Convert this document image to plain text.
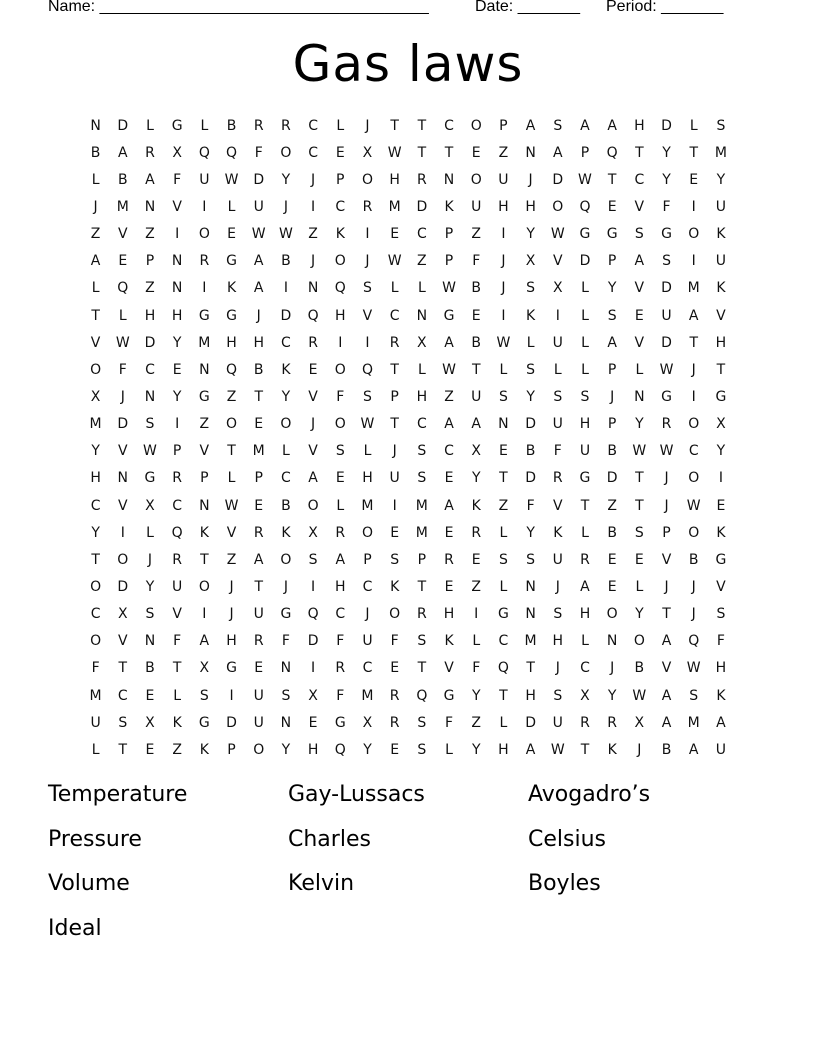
Name: _____________________________________	Date: _______ Period: _______
Gas laws
N	D	L	G	L	B	R	R	C	L	J	T	T	C	O	P	A	S	A	A	H	D	L	S
B	A	R	X	Q	Q	F	O	C	E	X	W	T	T	E	Z	N	A	P	Q	T	Y	T	M
L	B	A	F	U	W	D	Y	J	P	O	H	R	N	O	U	J	D	W	T	C	Y	E	Y
J	M	N	V	I	L	U	J	I	C	R	M	D	K	U	H	H	O	Q	E	V	F	I	U
Z	V	Z	I	O	E	W W	Z	K	I	E	C	P	Z	I	Y	W	G	G	S	G	O	K
A	E	P	N	R	G	A	B	J	O	J	W	Z	P	F	J	X	V	D	P	A	S	I	U
L	Q	Z	N	I	K	A	I	N	Q	S	L	L	W	B	J	S	X	L	Y	V	D	M	K
T	L	H	H	G	G	J	D	Q	H	V	C	N	G	E	I	K	I	L	S	E	U	A	V
V	W	D	Y	M	H	H	C	R	I	I	R	X	A	B	W	L	U	L	A	V	D	T	H
O	F	C	E	N	Q	B	K	E	O	Q	T	L	W	T	L	S	L	L	P	L	W	J	T
X	J	N	Y	G	Z	T	Y	V	F	S	P	H	Z	U	S	Y	S	S	J	N	G	I	G
M	D	S	I	Z	O	E	O	J	O	W	T	C	A	A	N	D	U	H	P	Y	R	O	X
Y	V	W	P	V	T	M	L	V	S	L	J	S	C	X	E	B	F	U	B	W W	C	Y
H	N	G	R	P	L	P	C	A	E	H	U	S	E	Y	T	D	R	G	D	T	J	O	I
C	V	X	C	N	W	E	B	O	L	M	I	M	A	K	Z	F	V	T	Z	T	J	W	E
Y	I	L	Q	K	V	R	K	X	R	O	E	M	E	R	L	Y	K	L	B	S	P	O	K
T	O	J	R	T	Z	A	O	S	A	P	S	P	R	E	S	S	U	R	E	E	V	B	G
O	D	Y	U	O	J	T	J	I	H	C	K	T	E	Z	L	N	J	A	E	L	J	J	V
C	X	S	V	I	J	U	G	Q	C	J	O	R	H	I	G	N	S	H	O	Y	T	J	S
O	V	N	F	A	H	R	F	D	F	U	F	S	K	L	C	M	H	L	N	O	A	Q	F
F	T	B	T	X	G	E	N	I	R	C	E	T	V	F	Q	T	J	C	J	B	V	W	H
M	C	E	L	S	I	U	S	X	F	M	R	Q	G	Y	T	H	S	X	Y	W	A	S	K
U	S	X	K	G	D	U	N	E	G	X	R	S	F	Z	L	D	U	R	R	X	A	M	A
L	T	E	Z	K	P	O	Y	H	Q	Y	E	S	L	Y	H	A	W	T	K	J	B	A	U
Temperature	Gay-Lussacs	Avogadro’s
Pressure	Charles	Celsius
Volume	Kelvin	Boyles
Ideal
